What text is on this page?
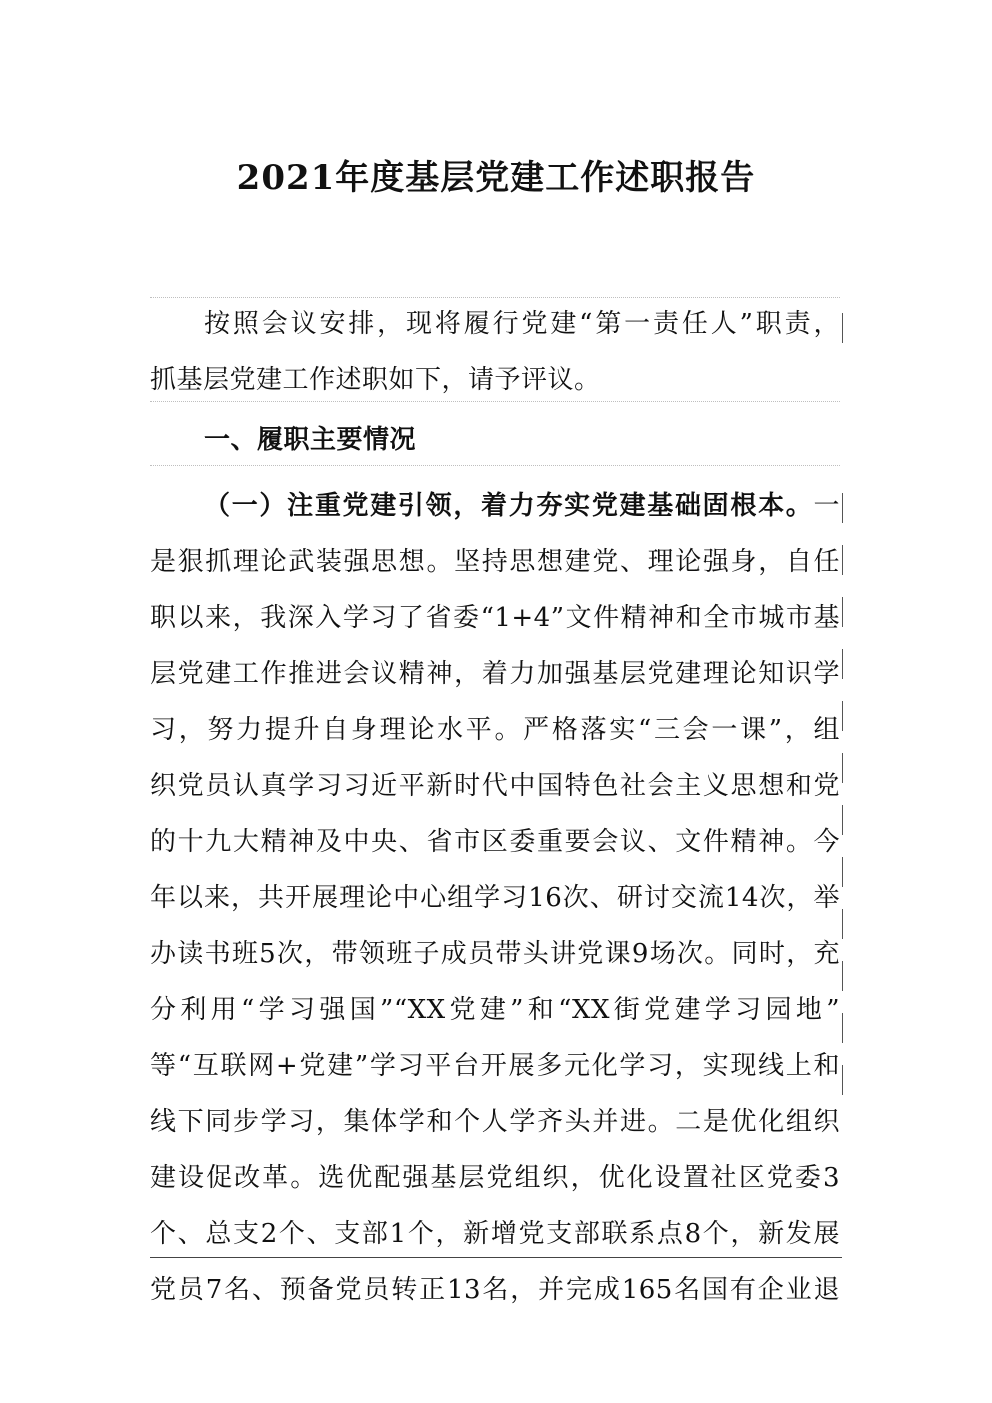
2021年度基层党建工作述职报告
按照会议安排，现将履行党建“第一责任人”职责，
抓基层党建工作述职如下，请予评议。
一、履职主要情况
（一）注重党建引领，着力夯实党建基础固根本。一
是狠抓理论武装强思想。坚持思想建党、理论强身，自任
职以来，我深入学习了省委“1+4”文件精神和全市城市基
层党建工作推进会议精神，着力加强基层党建理论知识学
习，努力提升自身理论水平。严格落实“三会一课”，组
织党员认真学习习近平新时代中国特色社会主义思想和党
的十九大精神及中央、省市区委重要会议、文件精神。今
年以来，共开展理论中心组学习16次、研讨交流14次，举
办读书班5次，带领班子成员带头讲党课9场次。同时，充
分利用“学习强国”“XX党建”和“XX街党建学习园地”
等“互联网+党建”学习平台开展多元化学习，实现线上和
线下同步学习，集体学和个人学齐头并进。二是优化组织
建设促改革。选优配强基层党组织，优化设置社区党委3
个、总支2个、支部1个，新增党支部联系点8个，新发展
党员7名、预备党员转正13名，并完成165名国有企业退
